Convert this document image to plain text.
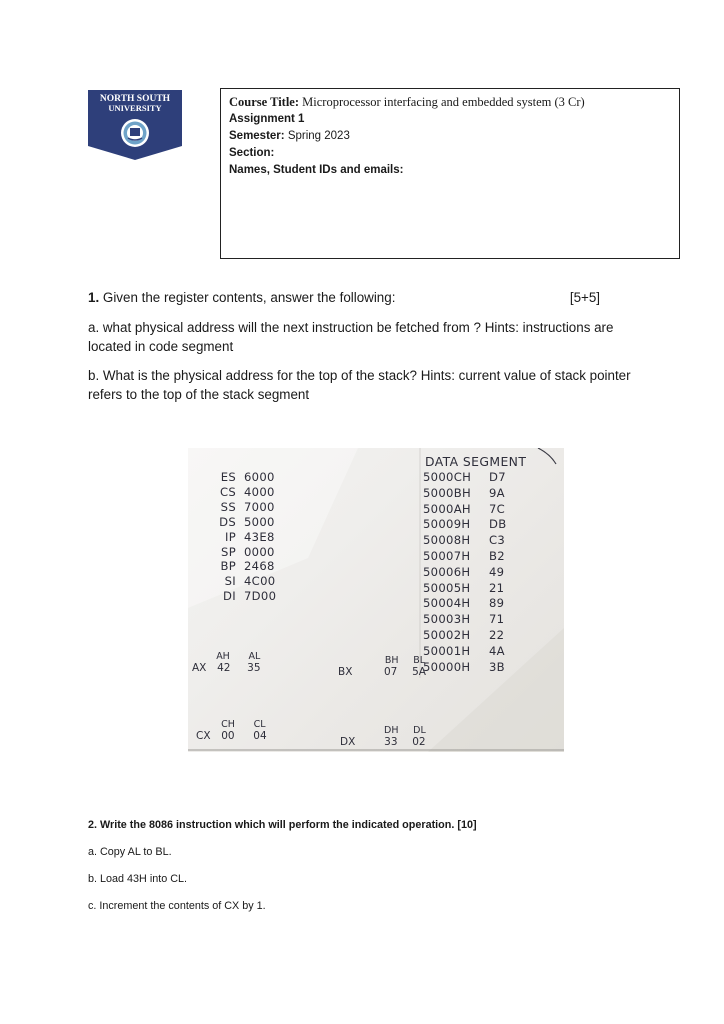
NORTH SOUTH
UNIVERSITY	Course Title: Microprocessor interfacing and embedded system (3 Cr)
Assignment 1
Semester: Spring 2023
Section:
Names, Student IDs and emails:
1. Given the register contents, answer the following:	[5+5]

a. what physical address will the next instruction be fetched from ? Hints: instructions are located in code segment

b. What is the physical address for the top of the stack? Hints: current value of stack pointer refers to the top of the stack segment

ES 6000
CS 4000
SS 7000
DS 5000
IP 43E8
SP 0000
BP 2468
SI 4C00
DI 7D00
DATA SEGMENT
5000CH D7
5000BH 9A
5000AH 7C
50009H DB
50008H C3
50007H B2
50006H 49
50005H 21
50004H 89
50003H 71
50002H 22
50001H 4A
50000H 3B
AH AL
AX 42 35	BX
BH BL
07 5A
CH CL
CX 00 04	DX
DH DL
33 02
2. Write the 8086 instruction which will perform the indicated operation. [10]
a. Copy AL to BL.
b. Load 43H into CL.
c. Increment the contents of CX by 1.
